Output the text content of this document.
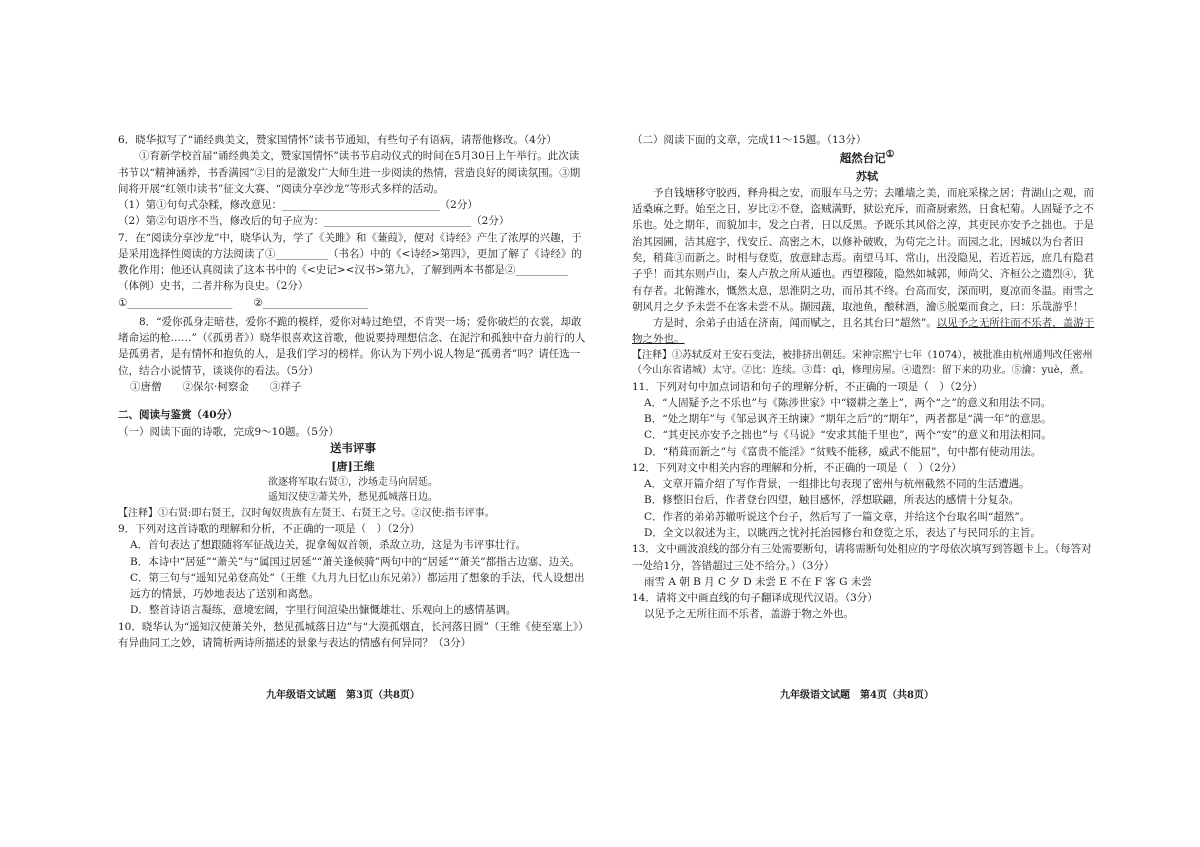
6．晓华拟写了“诵经典美文，赞家国情怀”读书节通知，有些句子有语病，请帮他修改。（4分）

①育新学校首届“诵经典美文，赞家国情怀”读书节启动仪式的时间在5月30日上午举行。此次读书节以“精神涵养，书香满园”②目的是激发广大师生进一步阅读的热情，营造良好的阅读氛围。③期间将开展“红领巾读书”征文大赛、“阅读分享沙龙”等形式多样的活动。

（1）第①句句式杂糅，修改意见：______________________________（2分）

（2）第②句语序不当，修改后的句子应为：____________________________（2分）

7．在“阅读分享沙龙”中，晓华认为，学了《关雎》和《蒹葭》，便对《诗经》产生了浓厚的兴趣，于是采用选择性阅读的方法阅读了①__________（书名）中的《<诗经>第四》，更加了解了《诗经》的教化作用；他还认真阅读了这本书中的《<史记><汉书>第九》，了解到两本书都是②__________（体例）史书，二者并称为良史。（2分）

①____________________　　②____________________

8．“爱你孤身走暗巷，爱你不跪的模样，爱你对峙过绝望，不肯哭一场；爱你破烂的衣裳，却敢堵命运的枪……”（《孤勇者》）晓华很喜欢这首歌，他说要持理想信念、在泥泞和孤独中奋力前行的人是孤勇者，是有情怀和抱负的人，是我们学习的榜样。你认为下列小说人物是“孤勇者”吗？请任选一位，结合小说情节，谈谈你的看法。（5分）

①唐僧　　②保尔·柯察金　　③祥子

二、阅读与鉴赏（40分）

（一）阅读下面的诗歌，完成9～10题。（5分）

送韦评事

[唐]王维

欲逐将军取右贤①，沙场走马向居延。

遥知汉使②萧关外，愁见孤城落日边。

【注释】①右贤:即右贤王，汉时匈奴贵族有左贤王、右贤王之号。②汉使:指韦评事。

9．下列对这首诗歌的理解和分析，不正确的一项是（　）（2分）

A．首句表达了想跟随将军征战边关，捉拿匈奴首领，杀敌立功，这是为韦评事壮行。

B．本诗中“居延”“萧关”与“属国过居延”“萧关逢候骑”两句中的“居延”“萧关”都指古边塞、边关。

C．第三句与“遥知兄弟登高处”（王维《九月九日忆山东兄弟》）都运用了想象的手法，代人设想出远方的情景，巧妙地表达了送别和离愁。

D．整首诗语言凝练，意境宏阔，字里行间渲染出慷慨雄壮、乐观向上的感情基调。

10．晓华认为“遥知汉使萧关外，愁见孤城落日边”与“大漠孤烟直，长河落日圆”（王维《使至塞上》）有异曲同工之妙，请简析两诗所描述的景象与表达的情感有何异同？（3分）

九年级语文试题　第3页（共8页）

（二）阅读下面的文章，完成11～15题。（13分）

超然台记①

苏轼

予自钱塘移守胶西，释舟楫之安，而服车马之劳；去雕墙之美，而庇采椽之居；背湖山之观，而适桑麻之野。始至之日，岁比②不登，盗贼满野，狱讼充斥，而斋厨索然，日食杞菊。人固疑予之不乐也。处之期年，而貌加丰，发之白者，日以反黑。予既乐其风俗之淳，其吏民亦安予之拙也。于是治其园圃，洁其庭宇，伐安丘、高密之木，以修补破败，为苟完之计。而园之北，因城以为台者旧矣，稍葺③而新之。时相与登览，放意肆志焉。南望马耳、常山，出没隐见，若近若远，庶几有隐君子乎！而其东则卢山，秦人卢敖之所从遁也。西望穆陵，隐然如城郭，师尚父、齐桓公之遗烈④，犹有存者。北俯潍水，慨然太息，思淮阴之功，而吊其不终。台高而安，深而明，夏凉而冬温。雨雪之朝风月之夕予未尝不在客未尝不从。撷园蔬，取池鱼，酿秫酒，瀹⑤脱粟而食之，曰：乐哉游乎！

方是时，余弟子由适在济南，闻而赋之，且名其台曰“超然”。以见予之无所往而不乐者，盖游于物之外也。

【注释】①苏轼反对王安石变法，被排挤出朝廷。宋神宗熙宁七年（1074），被批准由杭州通判改任密州（今山东省诸城）太守。②比：连续。③葺：qì，修理房屋。④遗烈：留下来的功业。⑤瀹：yuè，煮。

11．下列对句中加点词语和句子的理解分析，不正确的一项是（　）（2分）

A．“人固疑予之不乐也”与《陈涉世家》中“辍耕之垄上”，两个“之”的意义和用法不同。

B．“处之期年”与《邹忌讽齐王纳谏》“期年之后”的“期年”，两者都是“满一年”的意思。

C．“其吏民亦安予之拙也”与《马说》“安求其能千里也”，两个“安”的意义和用法相同。

D．“稍葺而新之”与《富贵不能淫》“贫贱不能移，威武不能屈”，句中都有使动用法。

12．下列对文中相关内容的理解和分析，不正确的一项是（　）（2分）

A．文章开篇介绍了写作背景，一组排比句表现了密州与杭州截然不同的生活遭遇。

B．修整旧台后，作者登台四望，触目感怀，浮想联翩，所表达的感情十分复杂。

C．作者的弟弟苏辙听说这个台子，然后写了一篇文章，并给这个台取名叫“超然”。

D．全文以叙述为主，以眺西之忧衬托治园修台和登览之乐，表达了与民同乐的主旨。

13．文中画波浪线的部分有三处需要断句，请将需断句处相应的字母依次填写到答题卡上。（每答对一处给1分，答错超过三处不给分。）（3分）

雨雪 A 朝 B 月 C 夕 D 未尝 E 不在 F 客 G 未尝

14．请将文中画直线的句子翻译成现代汉语。（3分）

以见予之无所往而不乐者，盖游于物之外也。

九年级语文试题　第4页（共8页）
